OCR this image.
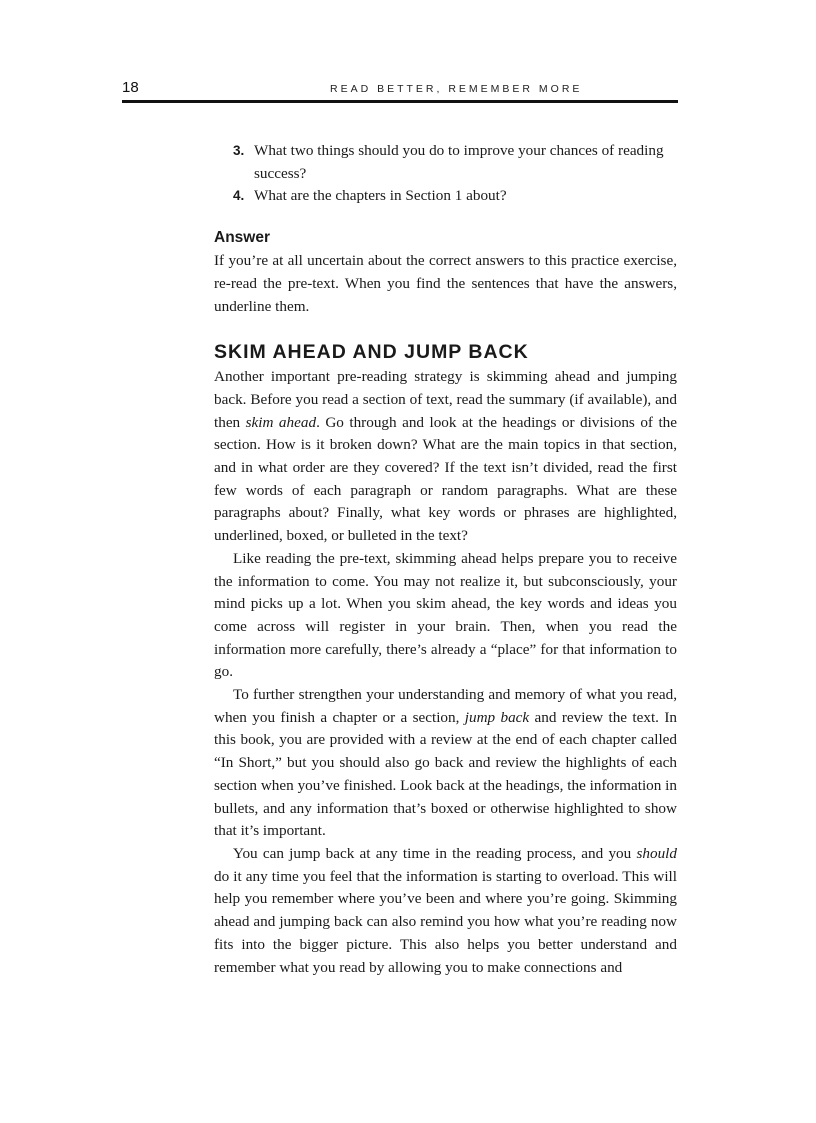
18	READ BETTER, REMEMBER MORE
3. What two things should you do to improve your chances of reading success?
4. What are the chapters in Section 1 about?
Answer

If you’re at all uncertain about the correct answers to this practice exercise, re-read the pre-text. When you find the sentences that have the answers, underline them.

SKIM AHEAD AND JUMP BACK

Another important pre-reading strategy is skimming ahead and jumping back. Before you read a section of text, read the summary (if available), and then skim ahead. Go through and look at the headings or divisions of the section. How is it broken down? What are the main topics in that section, and in what order are they covered? If the text isn’t divided, read the first few words of each paragraph or random paragraphs. What are these paragraphs about? Finally, what key words or phrases are highlighted, underlined, boxed, or bulleted in the text?

Like reading the pre-text, skimming ahead helps prepare you to receive the information to come. You may not realize it, but subconsciously, your mind picks up a lot. When you skim ahead, the key words and ideas you come across will register in your brain. Then, when you read the information more carefully, there’s already a “place” for that information to go.

To further strengthen your understanding and memory of what you read, when you finish a chapter or a section, jump back and review the text. In this book, you are provided with a review at the end of each chapter called “In Short,” but you should also go back and review the highlights of each section when you’ve finished. Look back at the headings, the information in bullets, and any information that’s boxed or otherwise highlighted to show that it’s important.

You can jump back at any time in the reading process, and you should do it any time you feel that the information is starting to overload. This will help you remember where you’ve been and where you’re going. Skimming ahead and jumping back can also remind you how what you’re reading now fits into the bigger picture. This also helps you better understand and remember what you read by allowing you to make connections and
